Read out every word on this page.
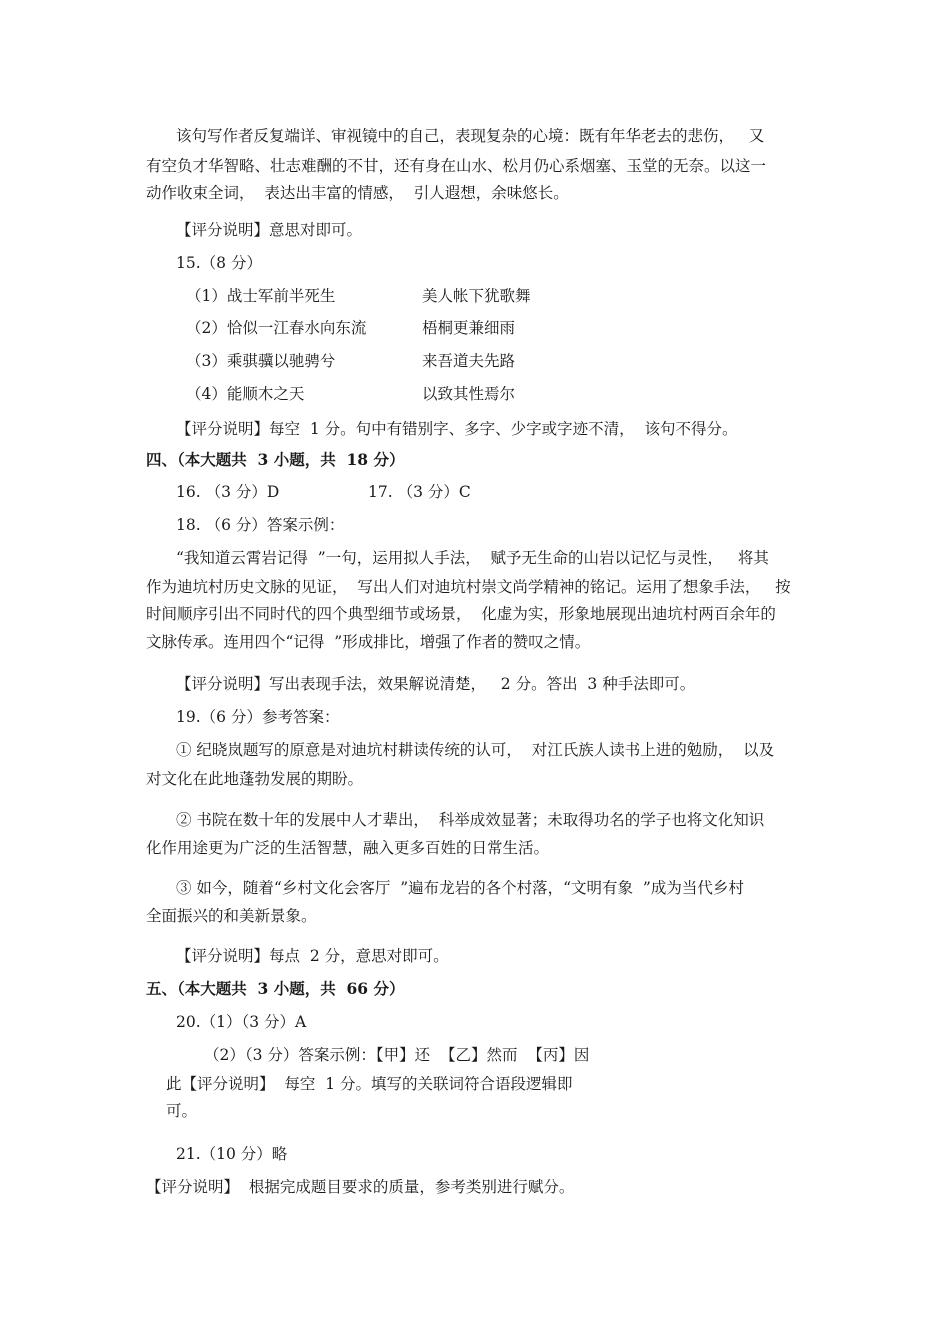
该句写作者反复端详、审视镜中的自己，表现复杂的心境：既有年华老去的悲伤，   又
有空负才华智略、壮志难酬的不甘，还有身在山水、松月仍心系烟塞、玉堂的无奈。以这一
动作收束全词，  表达出丰富的情感，  引人遐想，余味悠长。
【评分说明】意思对即可。
15.（8 分）
（1）战士军前半死生	美人帐下犹歌舞
（2）恰似一江春水向东流	梧桐更兼细雨
（3）乘骐骥以驰骋兮	来吾道夫先路
（4）能顺木之天	以致其性焉尔
【评分说明】每空  1 分。句中有错别字、多字、少字或字迹不清，  该句不得分。
四、（本大题共  3 小题，共  18 分）
16. （3 分）D	17. （3 分）C
18. （6 分）答案示例：
“我知道云霄岩记得  ”一句，运用拟人手法，  赋予无生命的山岩以记忆与灵性，   将其
作为迪坑村历史文脉的见证，  写出人们对迪坑村崇文尚学精神的铭记。运用了想象手法，   按
时间顺序引出不同时代的四个典型细节或场景，  化虚为实，形象地展现出迪坑村两百余年的
文脉传承。连用四个“记得  ”形成排比，增强了作者的赞叹之情。
【评分说明】写出表现手法，效果解说清楚，   2 分。答出  3 种手法即可。
19.（6 分）参考答案：
① 纪晓岚题写的原意是对迪坑村耕读传统的认可，  对江氏族人读书上进的勉励，  以及
对文化在此地蓬勃发展的期盼。
② 书院在数十年的发展中人才辈出，  科举成效显著；未取得功名的学子也将文化知识
化作用途更为广泛的生活智慧，融入更多百姓的日常生活。
③ 如今，随着“乡村文化会客厅  ”遍布龙岩的各个村落，“文明有象  ”成为当代乡村
全面振兴的和美新景象。
【评分说明】每点  2 分，意思对即可。
五、（本大题共  3 小题，共  66 分）
20.（1）（3 分）A
（2）（3 分）答案示例：【甲】还  【乙】然而  【丙】因
此【评分说明】  每空  1 分。填写的关联词符合语段逻辑即
可。
21.（10 分）略
【评分说明】  根据完成题目要求的质量，参考类别进行赋分。
